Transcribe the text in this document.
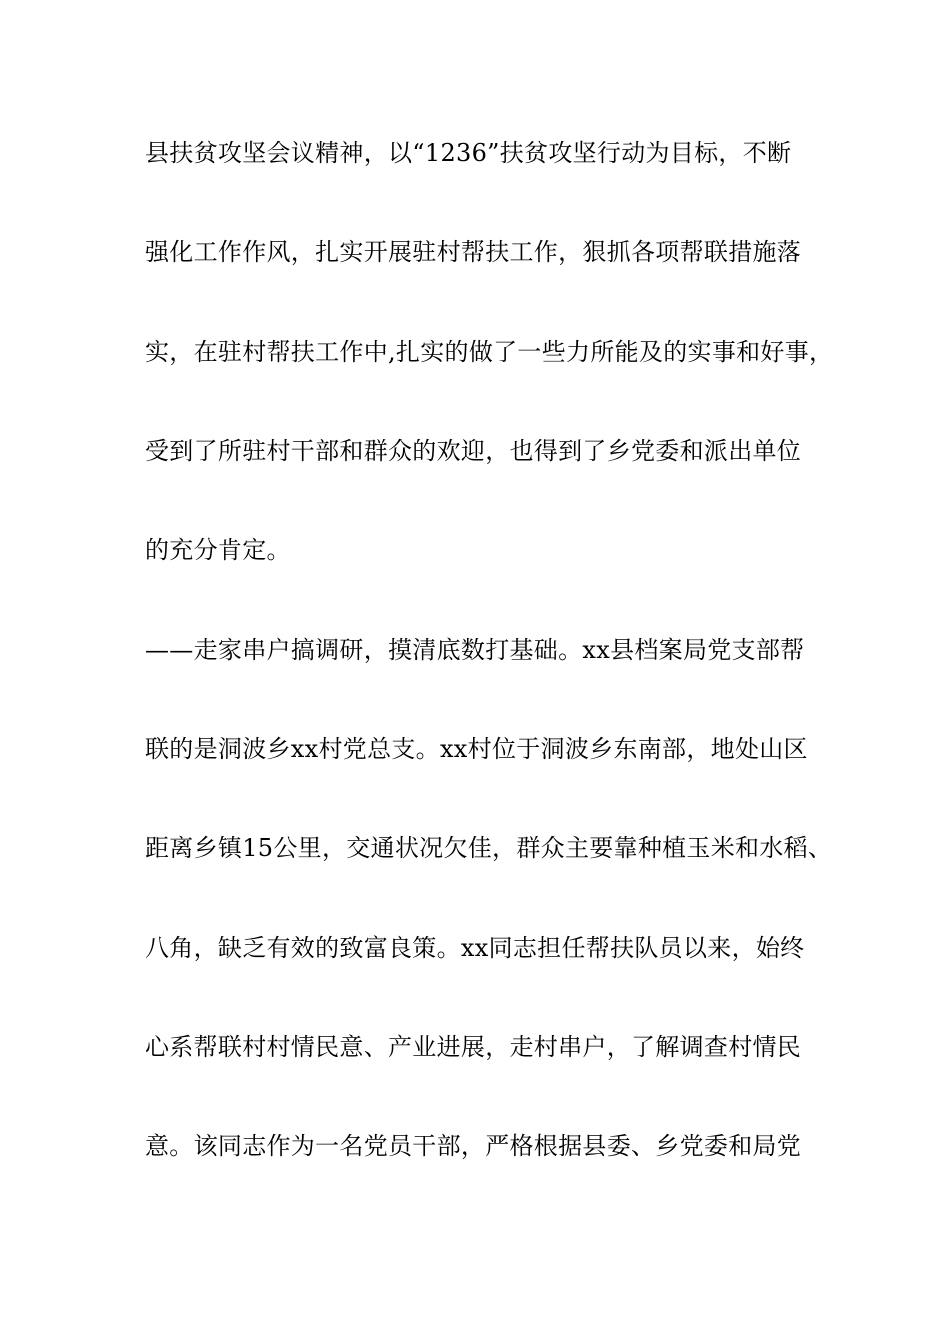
县扶贫攻坚会议精神，以“1236”扶贫攻坚行动为目标，不断
强化工作作风，扎实开展驻村帮扶工作，狠抓各项帮联措施落
实，在驻村帮扶工作中,扎实的做了一些力所能及的实事和好事，
受到了所驻村干部和群众的欢迎，也得到了乡党委和派出单位
的充分肯定。
——走家串户搞调研，摸清底数打基础。xx县档案局党支部帮
联的是洞波乡xx村党总支。xx村位于洞波乡东南部，地处山区
距离乡镇15公里，交通状况欠佳，群众主要靠种植玉米和水稻、
八角，缺乏有效的致富良策。xx同志担任帮扶队员以来，始终
心系帮联村村情民意、产业进展，走村串户，了解调查村情民
意。该同志作为一名党员干部，严格根据县委、乡党委和局党
